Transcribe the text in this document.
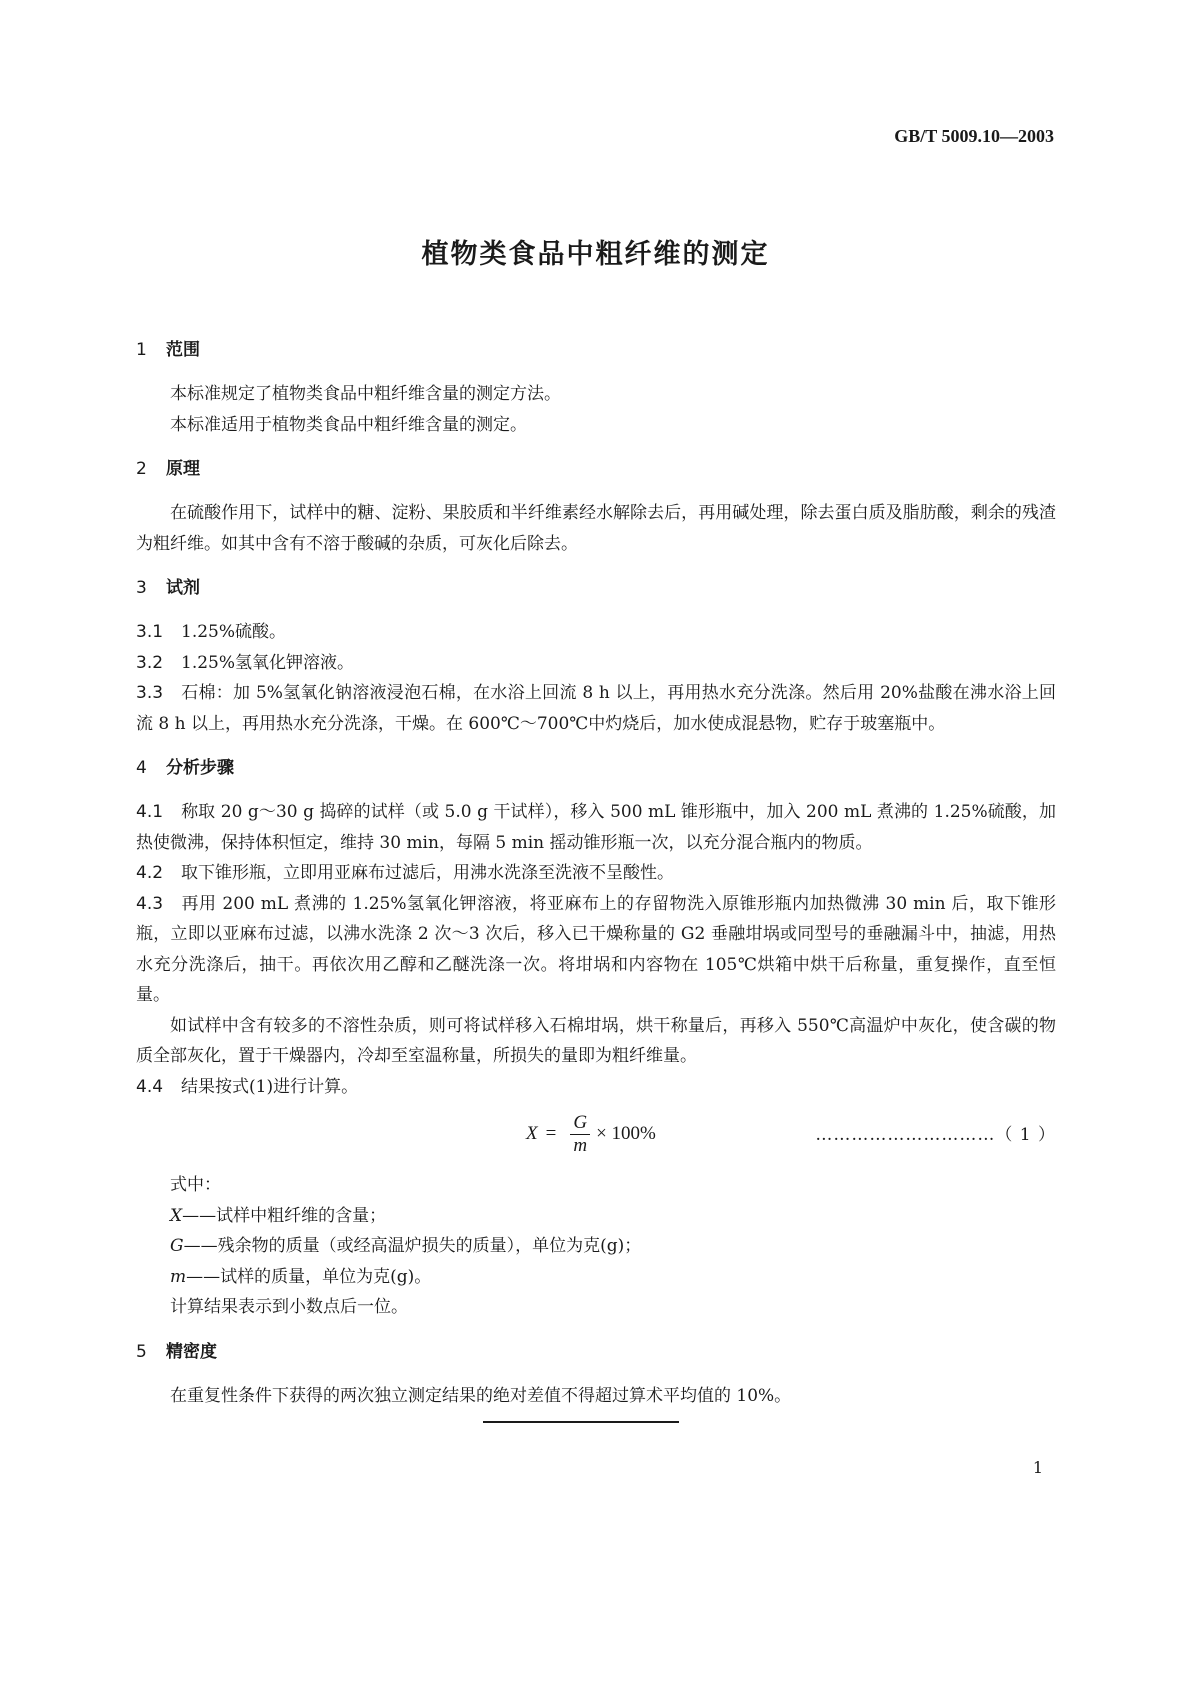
GB/T 5009.10—2003
植物类食品中粗纤维的测定
1 范围

本标准规定了植物类食品中粗纤维含量的测定方法。

本标准适用于植物类食品中粗纤维含量的测定。

2 原理

在硫酸作用下，试样中的糖、淀粉、果胶质和半纤维素经水解除去后，再用碱处理，除去蛋白质及脂肪酸，剩余的残渣为粗纤维。如其中含有不溶于酸碱的杂质，可灰化后除去。

3 试剂

3.1 1.25%硫酸。

3.2 1.25%氢氧化钾溶液。

3.3 石棉：加 5%氢氧化钠溶液浸泡石棉，在水浴上回流 8 h 以上，再用热水充分洗涤。然后用 20%盐酸在沸水浴上回流 8 h 以上，再用热水充分洗涤，干燥。在 600℃～700℃中灼烧后，加水使成混悬物，贮存于玻塞瓶中。

4 分析步骤

4.1 称取 20 g～30 g 捣碎的试样（或 5.0 g 干试样），移入 500 mL 锥形瓶中，加入 200 mL 煮沸的 1.25%硫酸，加热使微沸，保持体积恒定，维持 30 min，每隔 5 min 摇动锥形瓶一次，以充分混合瓶内的物质。

4.2 取下锥形瓶，立即用亚麻布过滤后，用沸水洗涤至洗液不呈酸性。

4.3 再用 200 mL 煮沸的 1.25%氢氧化钾溶液，将亚麻布上的存留物洗入原锥形瓶内加热微沸 30 min 后，取下锥形瓶，立即以亚麻布过滤，以沸水洗涤 2 次～3 次后，移入已干燥称量的 G2 垂融坩埚或同型号的垂融漏斗中，抽滤，用热水充分洗涤后，抽干。再依次用乙醇和乙醚洗涤一次。将坩埚和内容物在 105℃烘箱中烘干后称量，重复操作，直至恒量。

如试样中含有较多的不溶性杂质，则可将试样移入石棉坩埚，烘干称量后，再移入 550℃高温炉中灰化，使含碳的物质全部灰化，置于干燥器内，冷却至室温称量，所损失的量即为粗纤维量。

4.4 结果按式(1)进行计算。

$X = \frac{G}{m} \times 100\%$	…………………………（ 1 ）

式中：

X——试样中粗纤维的含量；

G——残余物的质量（或经高温炉损失的质量），单位为克(g)；

m——试样的质量，单位为克(g)。

计算结果表示到小数点后一位。

5 精密度

在重复性条件下获得的两次独立测定结果的绝对差值不得超过算术平均值的 10%。

1
